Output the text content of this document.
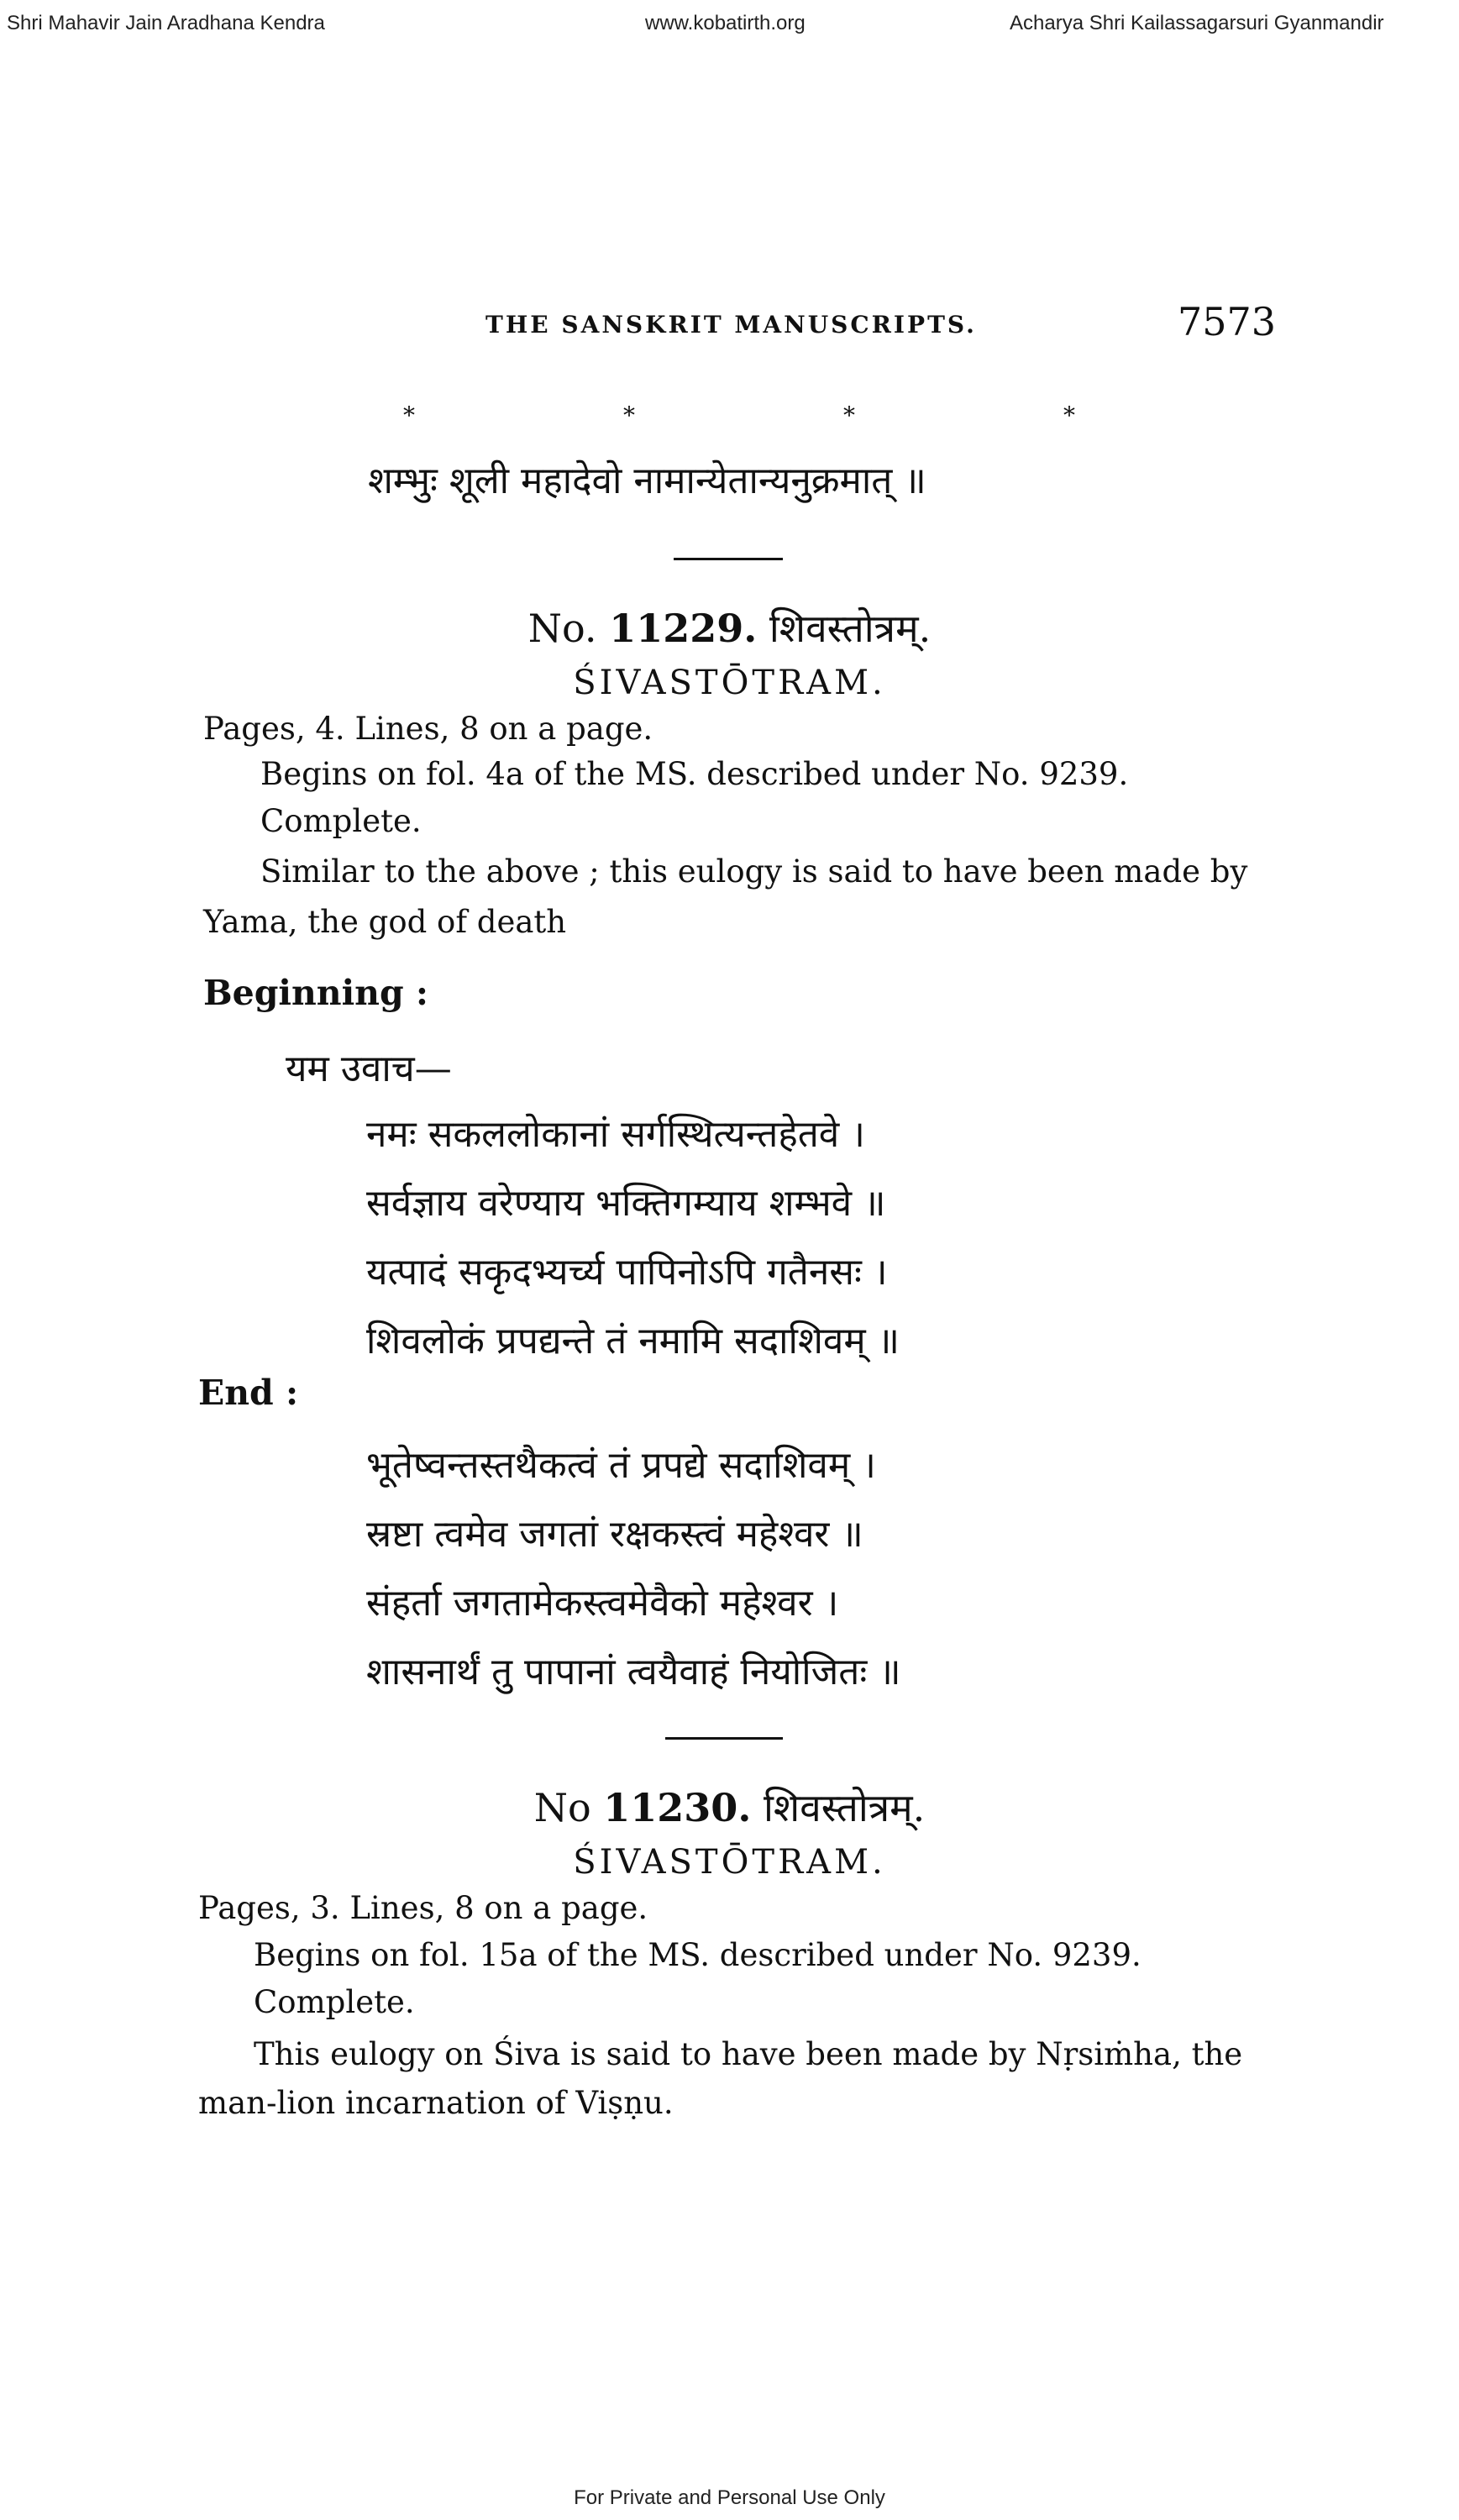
Shri Mahavir Jain Aradhana Kendra	www.kobatirth.org	Acharya Shri Kailassagarsuri Gyanmandir
THE SANSKRIT MANUSCRIPTS.	7573
*	*	*	*
शम्भुः शूली महादेवो नामान्येतान्यनुक्रमात् ॥
No. 11229. शिवस्तोत्रम्.
ŚIVASTŌTRAM.
Pages, 4. Lines, 8 on a page.
Begins on fol. 4a of the MS. described under No. 9239.
Complete.
Similar to the above ; this eulogy is said to have been made by
Yama, the god of death
Beginning :
यम उवाच—
नमः सकललोकानां सर्गस्थित्यन्तहेतवे ।
सर्वज्ञाय वरेण्याय भक्तिगम्याय शम्भवे ॥
यत्पादं सकृदभ्यर्च्य पापिनोऽपि गतैनसः ।
शिवलोकं प्रपद्यन्ते तं नमामि सदाशिवम् ॥
End :
भूतेष्वन्तस्तथैकत्वं तं प्रपद्ये सदाशिवम् ।
स्रष्टा त्वमेव जगतां रक्षकस्त्वं महेश्वर ॥
संहर्ता जगतामेकस्त्वमेवैको महेश्वर ।
शासनार्थं तु पापानां त्वयैवाहं नियोजितः ॥
No 11230. शिवस्तोत्रम्.
ŚIVASTŌTRAM.
Pages, 3. Lines, 8 on a page.
Begins on fol. 15a of the MS. described under No. 9239.
Complete.
This eulogy on Śiva is said to have been made by Nṛsiṁha, the
man-lion incarnation of Viṣṇu.
For Private and Personal Use Only
